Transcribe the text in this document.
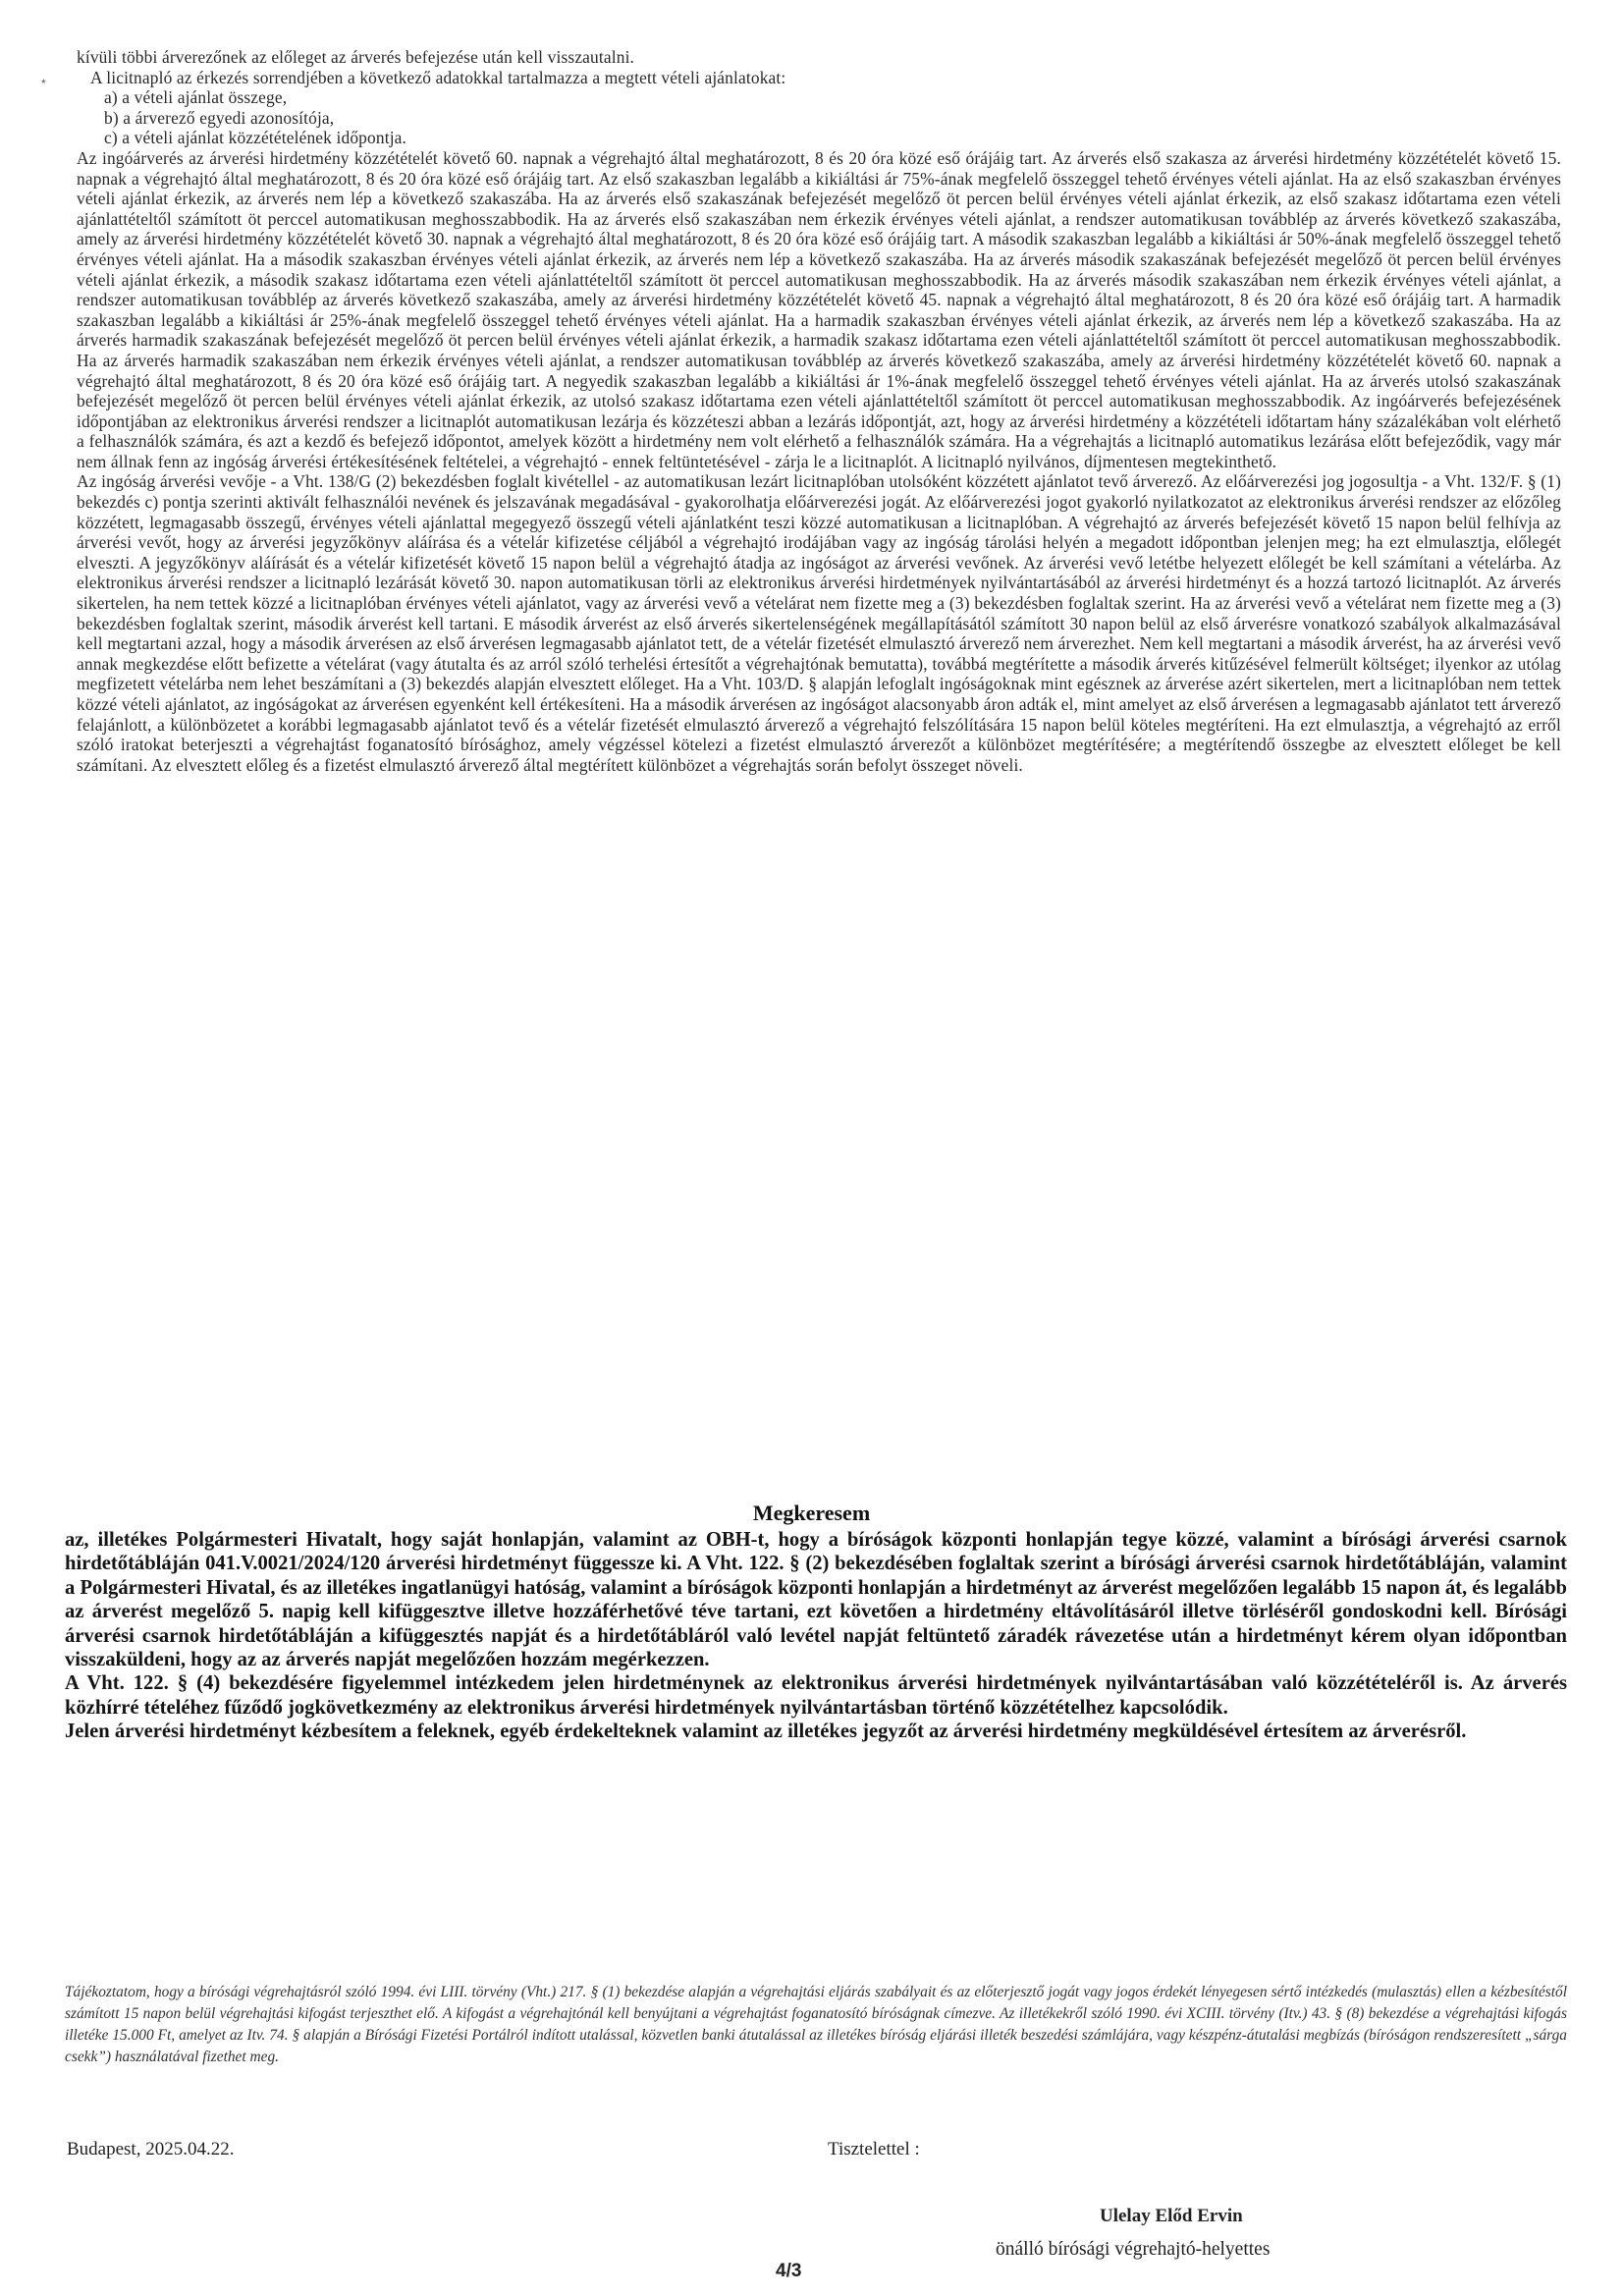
*

kívüli többi árverezőnek az előleget az árverés befejezése után kell visszautalni.

A licitnapló az érkezés sorrendjében a következő adatokkal tartalmazza a megtett vételi ajánlatokat:

a) a vételi ajánlat összege,

b) a árverező egyedi azonosítója,

c) a vételi ajánlat közzétételének időpontja.

Az ingóárverés az árverési hirdetmény közzétételét követő 60. napnak a végrehajtó által meghatározott, 8 és 20 óra közé eső órájáig tart. Az árverés első szakasza az árverési hirdetmény közzétételét követő 15. napnak a végrehajtó által meghatározott, 8 és 20 óra közé eső órájáig tart. Az első szakaszban legalább a kikiáltási ár 75%-ának megfelelő összeggel tehető érvényes vételi ajánlat. Ha az első szakaszban érvényes vételi ajánlat érkezik, az árverés nem lép a következő szakaszába. Ha az árverés első szakaszának befejezését megelőző öt percen belül érvényes vételi ajánlat érkezik, az első szakasz időtartama ezen vételi ajánlattételtől számított öt perccel automatikusan meghosszabbodik. Ha az árverés első szakaszában nem érkezik érvényes vételi ajánlat, a rendszer automatikusan továbblép az árverés következő szakaszába, amely az árverési hirdetmény közzétételét követő 30. napnak a végrehajtó által meghatározott, 8 és 20 óra közé eső órájáig tart. A második szakaszban legalább a kikiáltási ár 50%-ának megfelelő összeggel tehető érvényes vételi ajánlat. Ha a második szakaszban érvényes vételi ajánlat érkezik, az árverés nem lép a következő szakaszába. Ha az árverés második szakaszának befejezését megelőző öt percen belül érvényes vételi ajánlat érkezik, a második szakasz időtartama ezen vételi ajánlattételtől számított öt perccel automatikusan meghosszabbodik. Ha az árverés második szakaszában nem érkezik érvényes vételi ajánlat, a rendszer automatikusan továbblép az árverés következő szakaszába, amely az árverési hirdetmény közzétételét követő 45. napnak a végrehajtó által meghatározott, 8 és 20 óra közé eső órájáig tart. A harmadik szakaszban legalább a kikiáltási ár 25%-ának megfelelő összeggel tehető érvényes vételi ajánlat. Ha a harmadik szakaszban érvényes vételi ajánlat érkezik, az árverés nem lép a következő szakaszába. Ha az árverés harmadik szakaszának befejezését megelőző öt percen belül érvényes vételi ajánlat érkezik, a harmadik szakasz időtartama ezen vételi ajánlattételtől számított öt perccel automatikusan meghosszabbodik. Ha az árverés harmadik szakaszában nem érkezik érvényes vételi ajánlat, a rendszer automatikusan továbblép az árverés következő szakaszába, amely az árverési hirdetmény közzétételét követő 60. napnak a végrehajtó által meghatározott, 8 és 20 óra közé eső órájáig tart. A negyedik szakaszban legalább a kikiáltási ár 1%-ának megfelelő összeggel tehető érvényes vételi ajánlat. Ha az árverés utolsó szakaszának befejezését megelőző öt percen belül érvényes vételi ajánlat érkezik, az utolsó szakasz időtartama ezen vételi ajánlattételtől számított öt perccel automatikusan meghosszabbodik. Az ingóárverés befejezésének időpontjában az elektronikus árverési rendszer a licitnaplót automatikusan lezárja és közzéteszi abban a lezárás időpontját, azt, hogy az árverési hirdetmény a közzétételi időtartam hány százalékában volt elérhető a felhasználók számára, és azt a kezdő és befejező időpontot, amelyek között a hirdetmény nem volt elérhető a felhasználók számára. Ha a végrehajtás a licitnapló automatikus lezárása előtt befejeződik, vagy már nem állnak fenn az ingóság árverési értékesítésének feltételei, a végrehajtó - ennek feltüntetésével - zárja le a licitnaplót. A licitnapló nyilvános, díjmentesen megtekinthető.

Az ingóság árverési vevője - a Vht. 138/G (2) bekezdésben foglalt kivétellel - az automatikusan lezárt licitnaplóban utolsóként közzétett ajánlatot tevő árverező. Az előárverezési jog jogosultja - a Vht. 132/F. § (1) bekezdés c) pontja szerinti aktivált felhasználói nevének és jelszavának megadásával - gyakorolhatja előárverezési jogát. Az előárverezési jogot gyakorló nyilatkozatot az elektronikus árverési rendszer az előzőleg közzétett, legmagasabb összegű, érvényes vételi ajánlattal megegyező összegű vételi ajánlatként teszi közzé automatikusan a licitnaplóban. A végrehajtó az árverés befejezését követő 15 napon belül felhívja az árverési vevőt, hogy az árverési jegyzőkönyv aláírása és a vételár kifizetése céljából a végrehajtó irodájában vagy az ingóság tárolási helyén a megadott időpontban jelenjen meg; ha ezt elmulasztja, előlegét elveszti. A jegyzőkönyv aláírását és a vételár kifizetését követő 15 napon belül a végrehajtó átadja az ingóságot az árverési vevőnek. Az árverési vevő letétbe helyezett előlegét be kell számítani a vételárba. Az elektronikus árverési rendszer a licitnapló lezárását követő 30. napon automatikusan törli az elektronikus árverési hirdetmények nyilvántartásából az árverési hirdetményt és a hozzá tartozó licitnaplót. Az árverés sikertelen, ha nem tettek közzé a licitnaplóban érvényes vételi ajánlatot, vagy az árverési vevő a vételárat nem fizette meg a (3) bekezdésben foglaltak szerint. Ha az árverési vevő a vételárat nem fizette meg a (3) bekezdésben foglaltak szerint, második árverést kell tartani. E második árverést az első árverés sikertelenségének megállapításától számított 30 napon belül az első árverésre vonatkozó szabályok alkalmazásával kell megtartani azzal, hogy a második árverésen az első árverésen legmagasabb ajánlatot tett, de a vételár fizetését elmulasztó árverező nem árverezhet. Nem kell megtartani a második árverést, ha az árverési vevő annak megkezdése előtt befizette a vételárat (vagy átutalta és az arról szóló terhelési értesítőt a végrehajtónak bemutatta), továbbá megtérítette a második árverés kitűzésével felmerült költséget; ilyenkor az utólag megfizetett vételárba nem lehet beszámítani a (3) bekezdés alapján elvesztett előleget. Ha a Vht. 103/D. § alapján lefoglalt ingóságoknak mint egésznek az árverése azért sikertelen, mert a licitnaplóban nem tettek közzé vételi ajánlatot, az ingóságokat az árverésen egyenként kell értékesíteni. Ha a második árverésen az ingóságot alacsonyabb áron adták el, mint amelyet az első árverésen a legmagasabb ajánlatot tett árverező felajánlott, a különbözetet a korábbi legmagasabb ajánlatot tevő és a vételár fizetését elmulasztó árverező a végrehajtó felszólítására 15 napon belül köteles megtéríteni. Ha ezt elmulasztja, a végrehajtó az erről szóló iratokat beterjeszti a végrehajtást foganatosító bírósághoz, amely végzéssel kötelezi a fizetést elmulasztó árverezőt a különbözet megtérítésére; a megtérítendő összegbe az elvesztett előleget be kell számítani. Az elvesztett előleg és a fizetést elmulasztó árverező által megtérített különbözet a végrehajtás során befolyt összeget növeli.

Megkeresem

az, illetékes Polgármesteri Hivatalt, hogy saját honlapján, valamint az OBH-t, hogy a bíróságok központi honlapján tegye közzé, valamint a bírósági árverési csarnok hirdetőtábláján 041.V.0021/2024/120 árverési hirdetményt függessze ki. A Vht. 122. § (2) bekezdésében foglaltak szerint a bírósági árverési csarnok hirdetőtábláján, valamint a Polgármesteri Hivatal, és az illetékes ingatlanügyi hatóság, valamint a bíróságok központi honlapján a hirdetményt az árverést megelőzően legalább 15 napon át, és legalább az árverést megelőző 5. napig kell kifüggesztve illetve hozzáférhetővé téve tartani, ezt követően a hirdetmény eltávolításáról illetve törléséről gondoskodni kell. Bírósági árverési csarnok hirdetőtábláján a kifüggesztés napját és a hirdetőtábláról való levétel napját feltüntető záradék rávezetése után a hirdetményt kérem olyan időpontban visszaküldeni, hogy az az árverés napját megelőzően hozzám megérkezzen.

A Vht. 122. § (4) bekezdésére figyelemmel intézkedem jelen hirdetménynek az elektronikus árverési hirdetmények nyilvántartásában való közzétételéről is. Az árverés közhírré tételéhez fűződő jogkövetkezmény az elektronikus árverési hirdetmények nyilvántartásban történő közzétételhez kapcsolódik.

Jelen árverési hirdetményt kézbesítem a feleknek, egyéb érdekelteknek valamint az illetékes jegyzőt az árverési hirdetmény megküldésével értesítem az árverésről.

Tájékoztatom, hogy a bírósági végrehajtásról szóló 1994. évi LIII. törvény (Vht.) 217. § (1) bekezdése alapján a végrehajtási eljárás szabályait és az előterjesztő jogát vagy jogos érdekét lényegesen sértő intézkedés (mulasztás) ellen a kézbesítéstől számított 15 napon belül végrehajtási kifogást terjeszthet elő. A kifogást a végrehajtónál kell benyújtani a végrehajtást foganatosító bíróságnak címezve. Az illetékekről szóló 1990. évi XCIII. törvény (Itv.) 43. § (8) bekezdése a végrehajtási kifogás illetéke 15.000 Ft, amelyet az Itv. 74. § alapján a Bírósági Fizetési Portálról indított utalással, közvetlen banki átutalással az illetékes bíróság eljárási illeték beszedési számlájára, vagy készpénz-átutalási megbízás (bíróságon rendszeresített „sárga csekk”) használatával fizethet meg.

Budapest, 2025.04.22.	Tisztelettel :
Ulelay Előd Ervin
önálló bírósági végrehajtó-helyettes
4/3
